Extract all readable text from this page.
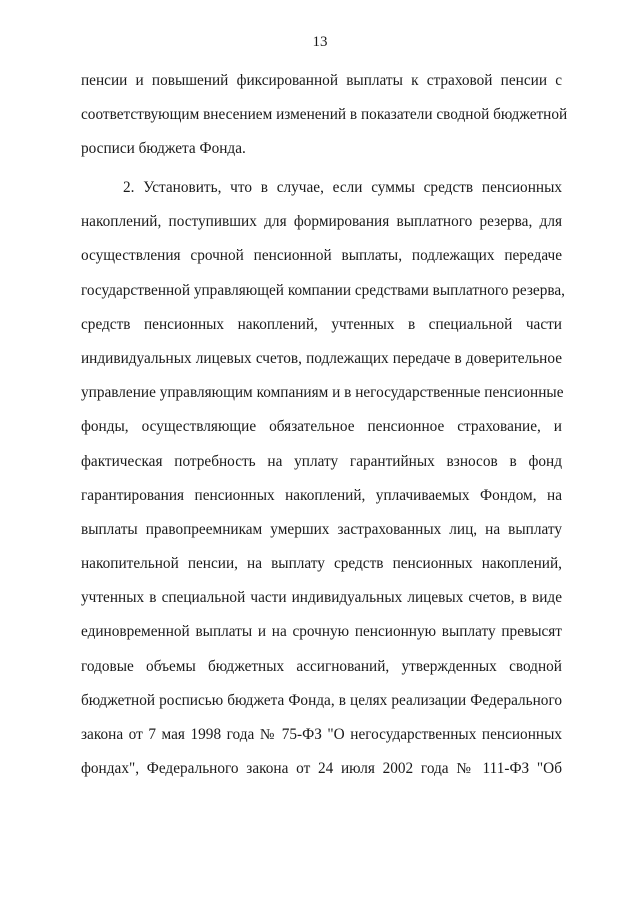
13
пенсии и повышений фиксированной выплаты к страховой пенсии с
соответствующим внесением изменений в показатели сводной бюджетной
росписи бюджета Фонда.
2. Установить, что в случае, если суммы средств пенсионных
накоплений, поступивших для формирования выплатного резерва, для
осуществления срочной пенсионной выплаты, подлежащих передаче
государственной управляющей компании средствами выплатного резерва,
средств пенсионных накоплений, учтенных в специальной части
индивидуальных лицевых счетов, подлежащих передаче в доверительное
управление управляющим компаниям и в негосударственные пенсионные
фонды, осуществляющие обязательное пенсионное страхование, и
фактическая потребность на уплату гарантийных взносов в фонд
гарантирования пенсионных накоплений, уплачиваемых Фондом, на
выплаты правопреемникам умерших застрахованных лиц, на выплату
накопительной пенсии, на выплату средств пенсионных накоплений,
учтенных в специальной части индивидуальных лицевых счетов, в виде
единовременной выплаты и на срочную пенсионную выплату превысят
годовые объемы бюджетных ассигнований, утвержденных сводной
бюджетной росписью бюджета Фонда, в целях реализации Федерального
закона от 7 мая 1998 года № 75-ФЗ "О негосударственных пенсионных
фондах", Федерального закона от 24 июля 2002 года № 111-ФЗ "Об
